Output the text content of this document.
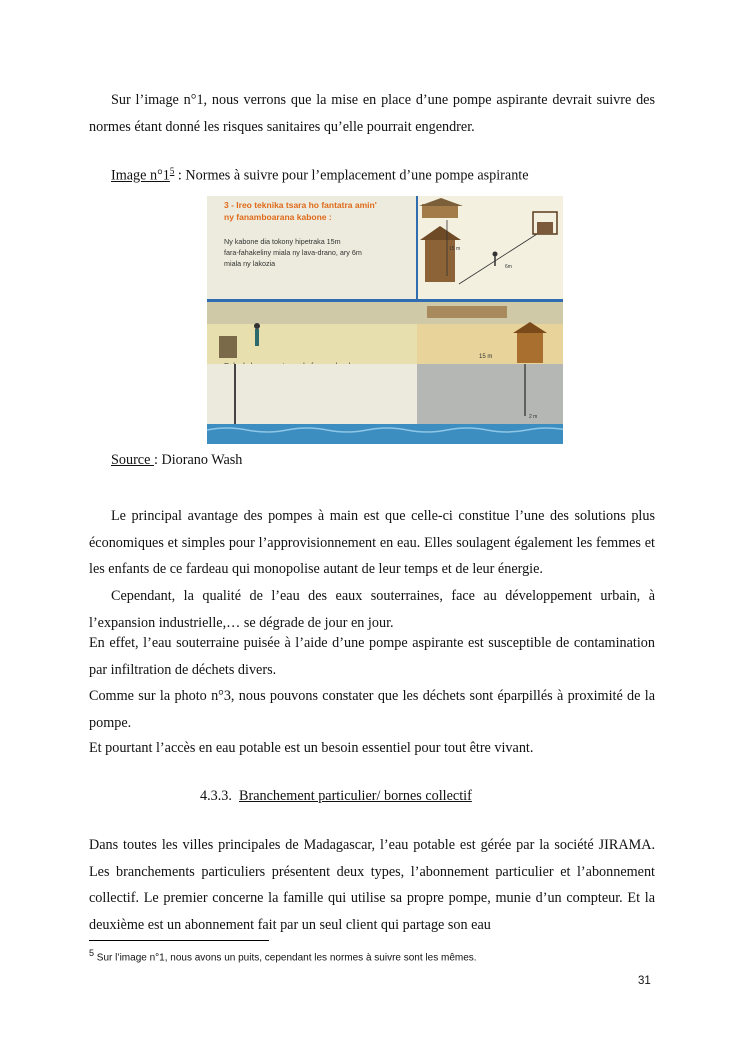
Sur l’image n°1, nous verrons que la mise en place d’une pompe aspirante devrait suivre des normes étant donné les risques sanitaires qu’elle pourrait engendrer.

Image $n^\circ 1^5$ : Normes à suivre pour l’emplacement d’une pompe aspirante
3 - Ireo teknika tsara ho fantatra amin'
ny fanamboarana kabone :
Ny kabone dia tokony hipetraka 15m
fara-fahakeliny miala ny lava-drano, ary 6m
miala ny lakozia
15 m
6m
15 m
2 m
Source : Diorano Wash

Le principal avantage des pompes à main est que celle-ci constitue l’une des solutions plus économiques et simples pour l’approvisionnement en eau. Elles soulagent également les femmes et les enfants de ce fardeau qui monopolise autant de leur temps et de leur énergie.

Cependant, la qualité de l’eau des eaux souterraines, face au développement urbain, à l’expansion industrielle,… se dégrade de jour en jour.

En effet, l’eau souterraine puisée à l’aide d’une pompe aspirante est susceptible de contamination par infiltration de déchets divers.

Comme sur la photo n°3, nous pouvons constater que les déchets sont éparpillés à proximité de la pompe.

Et pourtant l’accès en eau potable est un besoin essentiel pour tout être vivant.

4.3.3. Branchement particulier/ bornes collectif

Dans toutes les villes principales de Madagascar, l’eau potable est gérée par la société JIRAMA. Les branchements particuliers présentent deux types, l’abonnement particulier et l’abonnement collectif. Le premier concerne la famille qui utilise sa propre pompe, munie d’un compteur. Et la deuxième est un abonnement fait par un seul client qui partage son eau

5 Sur l’image n°1, nous avons un puits, cependant les normes à suivre sont les mêmes.
31
